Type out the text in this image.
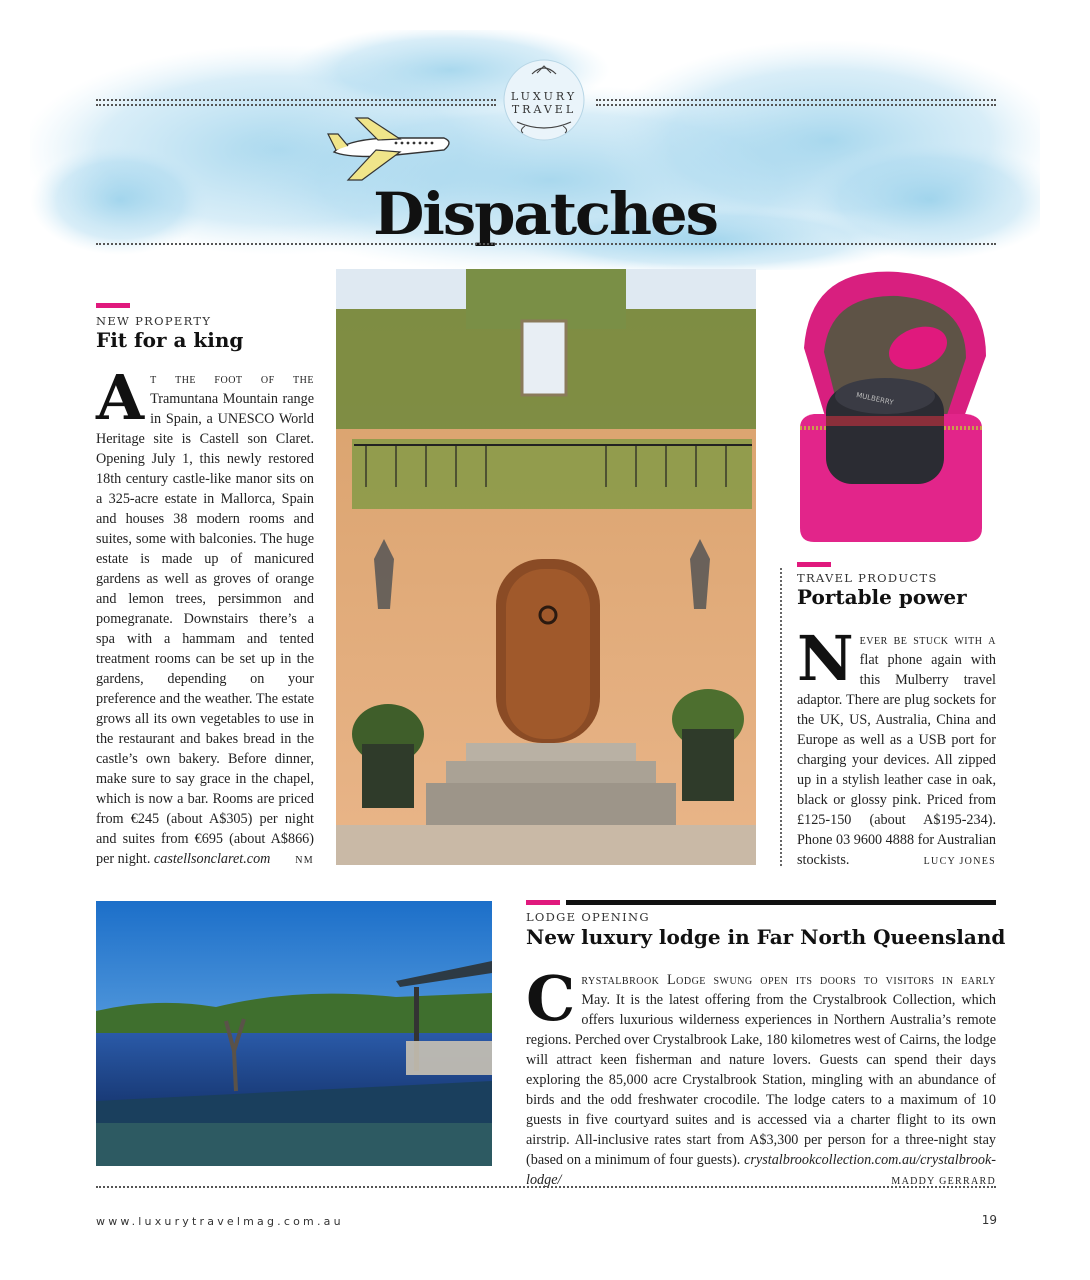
LUXURY
TRAVEL
Dispatches
NEW PROPERTY
Fit for a king
At the foot of the Tramuntana Mountain range in Spain, a UNESCO World Heritage site is Castell son Claret. Opening July 1, this newly restored 18th century castle-like manor sits on a 325-acre estate in Mallorca, Spain and houses 38 modern rooms and suites, some with balconies. The huge estate is made up of manicured gardens as well as groves of orange and lemon trees, persimmon and pomegranate. Downstairs there’s a spa with a hammam and tented treatment rooms can be set up in the gardens, depending on your preference and the weather. The estate grows all its own vegetables to use in the restaurant and bakes bread in the castle’s own bakery. Before dinner, make sure to say grace in the chapel, which is now a bar. Rooms are priced from €245 (about A$305) per night and suites from €695 (about A$866) per night. castellsonclaret.com NM
MULBERRY
TRAVEL PRODUCTS
Portable power
Never be stuck with a flat phone again with this Mulberry travel adaptor. There are plug sockets for the UK, US, Australia, China and Europe as well as a USB port for charging your devices. All zipped up in a stylish leather case in oak, black or glossy pink. Priced from £125-150 (about A$195-234). Phone 03 9600 4888 for Australian stockists.	LUCY JONES
LODGE OPENING
New luxury lodge in Far North Queensland
Crystalbrook Lodge swung open its doors to visitors in early May. It is the latest offering from the Crystalbrook Collection, which offers luxurious wilderness experiences in Northern Australia’s remote regions. Perched over Crystalbrook Lake, 180 kilometres west of Cairns, the lodge will attract keen fisherman and nature lovers. Guests can spend their days exploring the 85,000 acre Crystalbrook Station, mingling with an abundance of birds and the odd freshwater crocodile. The lodge caters to a maximum of 10 guests in five courtyard suites and is accessed via a charter flight to its own airstrip. All-inclusive rates start from A$3,300 per person for a three-night stay (based on a minimum of four guests). crystalbrookcollection.com.au/crystalbrook-lodge/	MADDY GERRARD
www.luxurytravelmag.com.au	19
